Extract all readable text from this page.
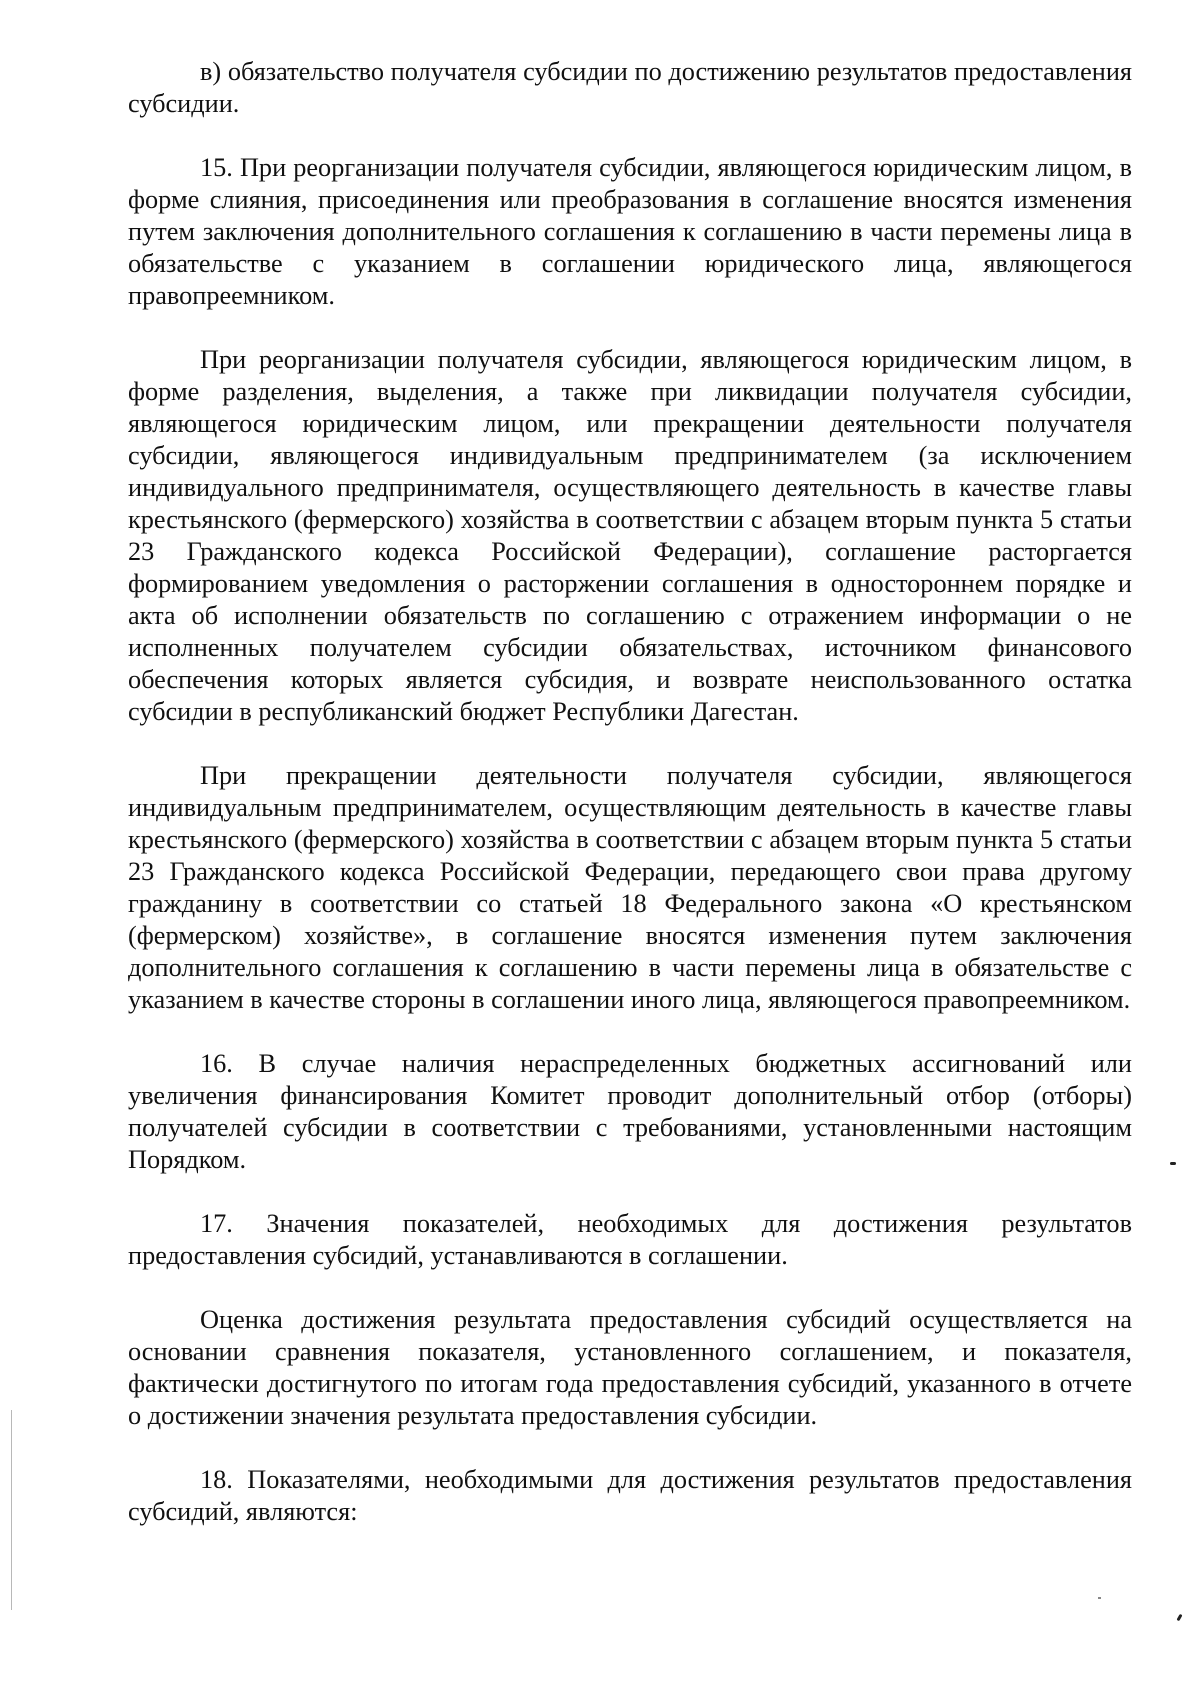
в) обязательство получателя субсидии по достижению результатов предоставления субсидии.

15. При реорганизации получателя субсидии, являющегося юридическим лицом, в форме слияния, присоединения или преобразования в соглашение вносятся изменения путем заключения дополнительного соглашения к соглашению в части перемены лица в обязательстве с указанием в соглашении юридического лица, являющегося правопреемником.

При реорганизации получателя субсидии, являющегося юридическим лицом, в форме разделения, выделения, а также при ликвидации получателя субсидии, являющегося юридическим лицом, или прекращении деятельности получателя субсидии, являющегося индивидуальным предпринимателем (за исключением индивидуального предпринимателя, осуществляющего деятельность в качестве главы крестьянского (фермерского) хозяйства в соответствии с абзацем вторым пункта 5 статьи 23 Гражданского кодекса Российской Федерации), соглашение расторгается формированием уведомления о расторжении соглашения в одностороннем порядке и акта об исполнении обязательств по соглашению с отражением информации о не исполненных получателем субсидии обязательствах, источником финансового обеспечения которых является субсидия, и возврате неиспользованного остатка субсидии в республиканский бюджет Республики Дагестан.

При прекращении деятельности получателя субсидии, являющегося индивидуальным предпринимателем, осуществляющим деятельность в качестве главы крестьянского (фермерского) хозяйства в соответствии с абзацем вторым пункта 5 статьи 23 Гражданского кодекса Российской Федерации, передающего свои права другому гражданину в соответствии со статьей 18 Федерального закона «О крестьянском (фермерском) хозяйстве», в соглашение вносятся изменения путем заключения дополнительного соглашения к соглашению в части перемены лица в обязательстве с указанием в качестве стороны в соглашении иного лица, являющегося правопреемником.

16. В случае наличия нераспределенных бюджетных ассигнований или увеличения финансирования Комитет проводит дополнительный отбор (отборы) получателей субсидии в соответствии с требованиями, установленными настоящим Порядком.

17. Значения показателей, необходимых для достижения результатов предоставления субсидий, устанавливаются в соглашении.

Оценка достижения результата предоставления субсидий осуществляется на основании сравнения показателя, установленного соглашением, и показателя, фактически достигнутого по итогам года предоставления субсидий, указанного в отчете о достижении значения результата предоставления субсидии.

18. Показателями, необходимыми для достижения результатов предоставления субсидий, являются:
